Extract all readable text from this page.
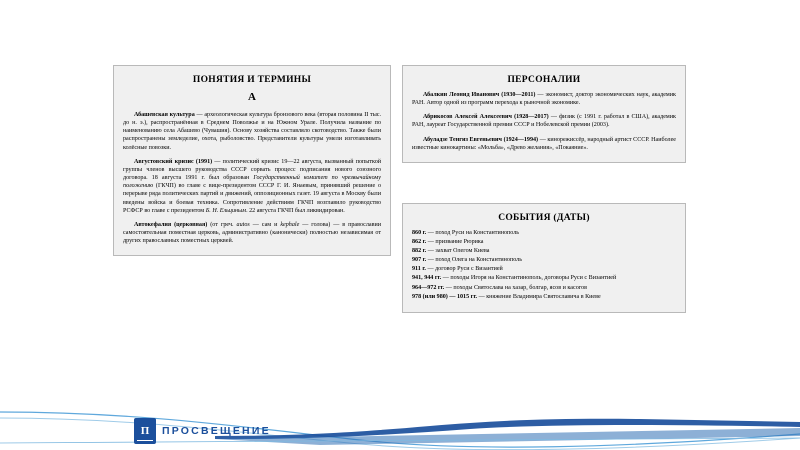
ПОНЯТИЯ И ТЕРМИНЫ
А
Абашевская культура — археологическая культура бронзового века (вторая половина II тыс. до н. э.), распространённая в Среднем Поволжье и на Южном Урале. Получила название по наименованию села Абашево (Чувашия). Основу хозяйства составляло скотоводство. Также были распространены земледелие, охота, рыболовство. Представители культуры умели изготавливать колёсные повозки.
Августовский кризис (1991) — политический кризис 19—22 августа, вызванный попыткой группы членов высшего руководства СССР сорвать процесс подписания нового союзного договора. 18 августа 1991 г. был образован Государственный комитет по чрезвычайному положению (ГКЧП) во главе с вице-президентом СССР Г. И. Янаевым, принявший решение о перерыве ряда политических партий и движений, оппозиционных газет. 19 августа в Москву были введены войска и боевая техника. Сопротивление действиям ГКЧП возглавило руководство РСФСР во главе с президентом Б. Н. Ельциным. 22 августа ГКЧП был ликвидирован.
Автокефалия (церковная) (от греч. autos — сам и kephale — голова) — в православии самостоятельная поместная церковь, административно (канонически) полностью независимая от других православных поместных церквей.
ПЕРСОНАЛИИ
Абалкин Леонид Иванович (1930—2011) — экономист, доктор экономических наук, академик РАН. Автор одной из программ перехода к рыночной экономике.
Абрикосов Алексей Алексеевич (1928—2017) — физик (с 1991 г. работал в США), академик РАН, лауреат Государственной премии СССР и Нобелевской премии (2003).
Абуладзе Тенгиз Евгеньевич (1924—1994) — кинорежиссёр, народный артист СССР. Наиболее известные кинокартины: «Мольба», «Древо желания», «Покаяние».
СОБЫТИЯ (ДАТЫ)
860 г. — поход Руси на Константинополь
862 г. — призвание Рюрика
882 г. — захват Олегом Киева
907 г. — поход Олега на Константинополь
911 г. — договор Руси с Византией
941, 944 гг. — походы Игоря на Константинополь, договоры Руси с Византией
964—972 гг. — походы Святослава на хазар, болгар, ясов и касогов
978 (или 980) — 1015 гг. — княжение Владимира Святославича в Киеве
П ПРОСВЕЩЕНИЕ
